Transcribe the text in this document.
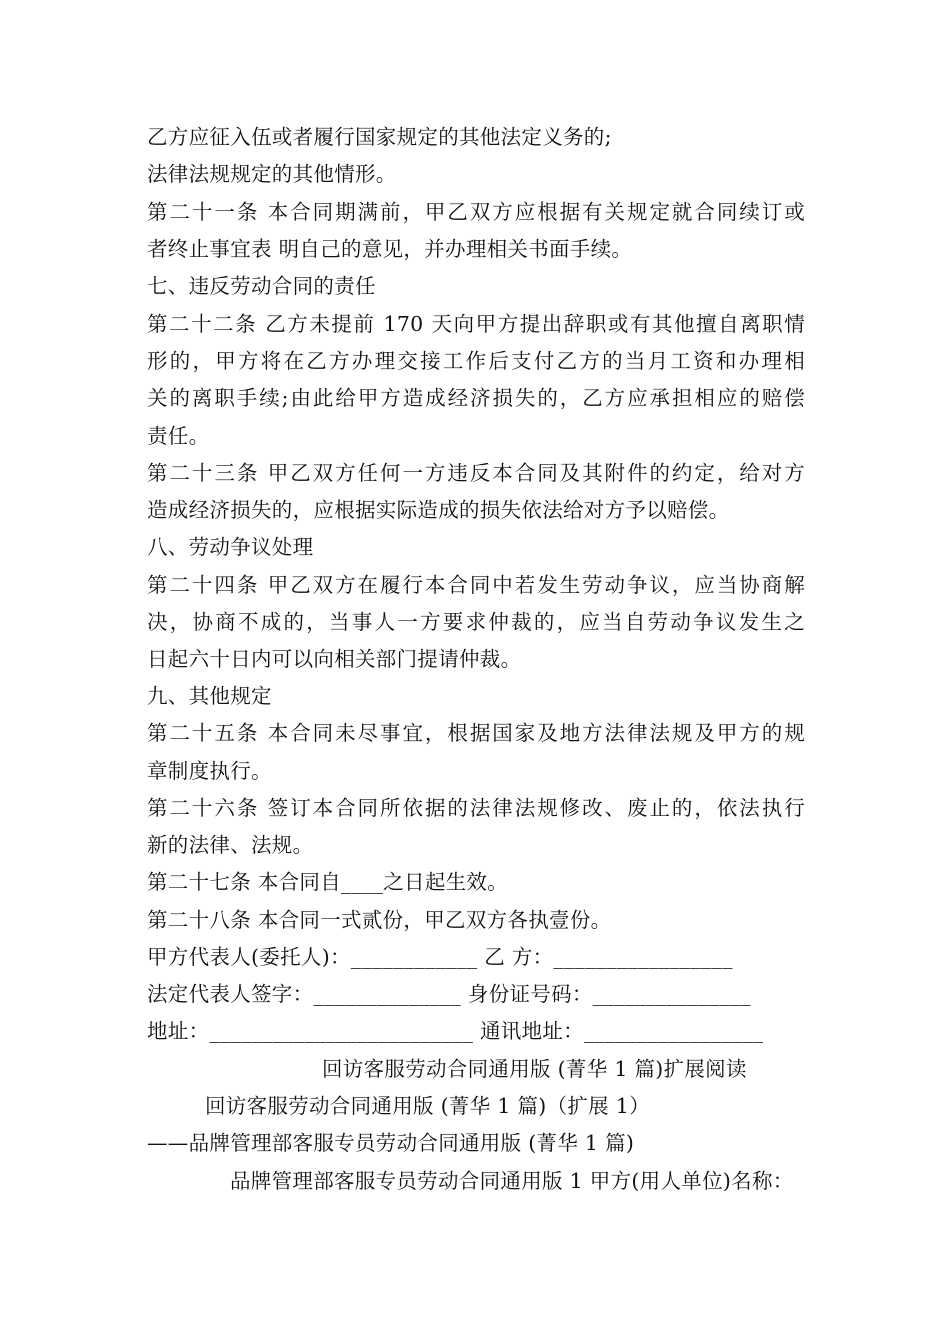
乙方应征入伍或者履行国家规定的其他法定义务的;
法律法规规定的其他情形。
第二十一条 本合同期满前，甲乙双方应根据有关规定就合同续订或
者终止事宜表 明自己的意见，并办理相关书面手续。
七、违反劳动合同的责任
第二十二条 乙方未提前 170 天向甲方提出辞职或有其他擅自离职情
形的，甲方将在乙方办理交接工作后支付乙方的当月工资和办理相
关的离职手续;由此给甲方造成经济损失的，乙方应承担相应的赔偿
责任。
第二十三条 甲乙双方任何一方违反本合同及其附件的约定，给对方
造成经济损失的，应根据实际造成的损失依法给对方予以赔偿。
八、劳动争议处理
第二十四条 甲乙双方在履行本合同中若发生劳动争议，应当协商解
决，协商不成的，当事人一方要求仲裁的，应当自劳动争议发生之
日起六十日内可以向相关部门提请仲裁。
九、其他规定
第二十五条 本合同未尽事宜，根据国家及地方法律法规及甲方的规
章制度执行。
第二十六条 签订本合同所依据的法律法规修改、废止的，依法执行
新的法律、法规。
第二十七条 本合同自____之日起生效。
第二十八条 本合同一式贰份，甲乙双方各执壹份。
甲方代表人(委托人)：____________ 乙 方：_________________
法定代表人签字：______________ 身份证号码：_______________
地址：_________________________ 通讯地址：_________________
回访客服劳动合同通用版 (菁华 1 篇)扩展阅读
回访客服劳动合同通用版 (菁华 1 篇)（扩展 1）
——品牌管理部客服专员劳动合同通用版 (菁华 1 篇)
品牌管理部客服专员劳动合同通用版 1 甲方(用人单位)名称：
